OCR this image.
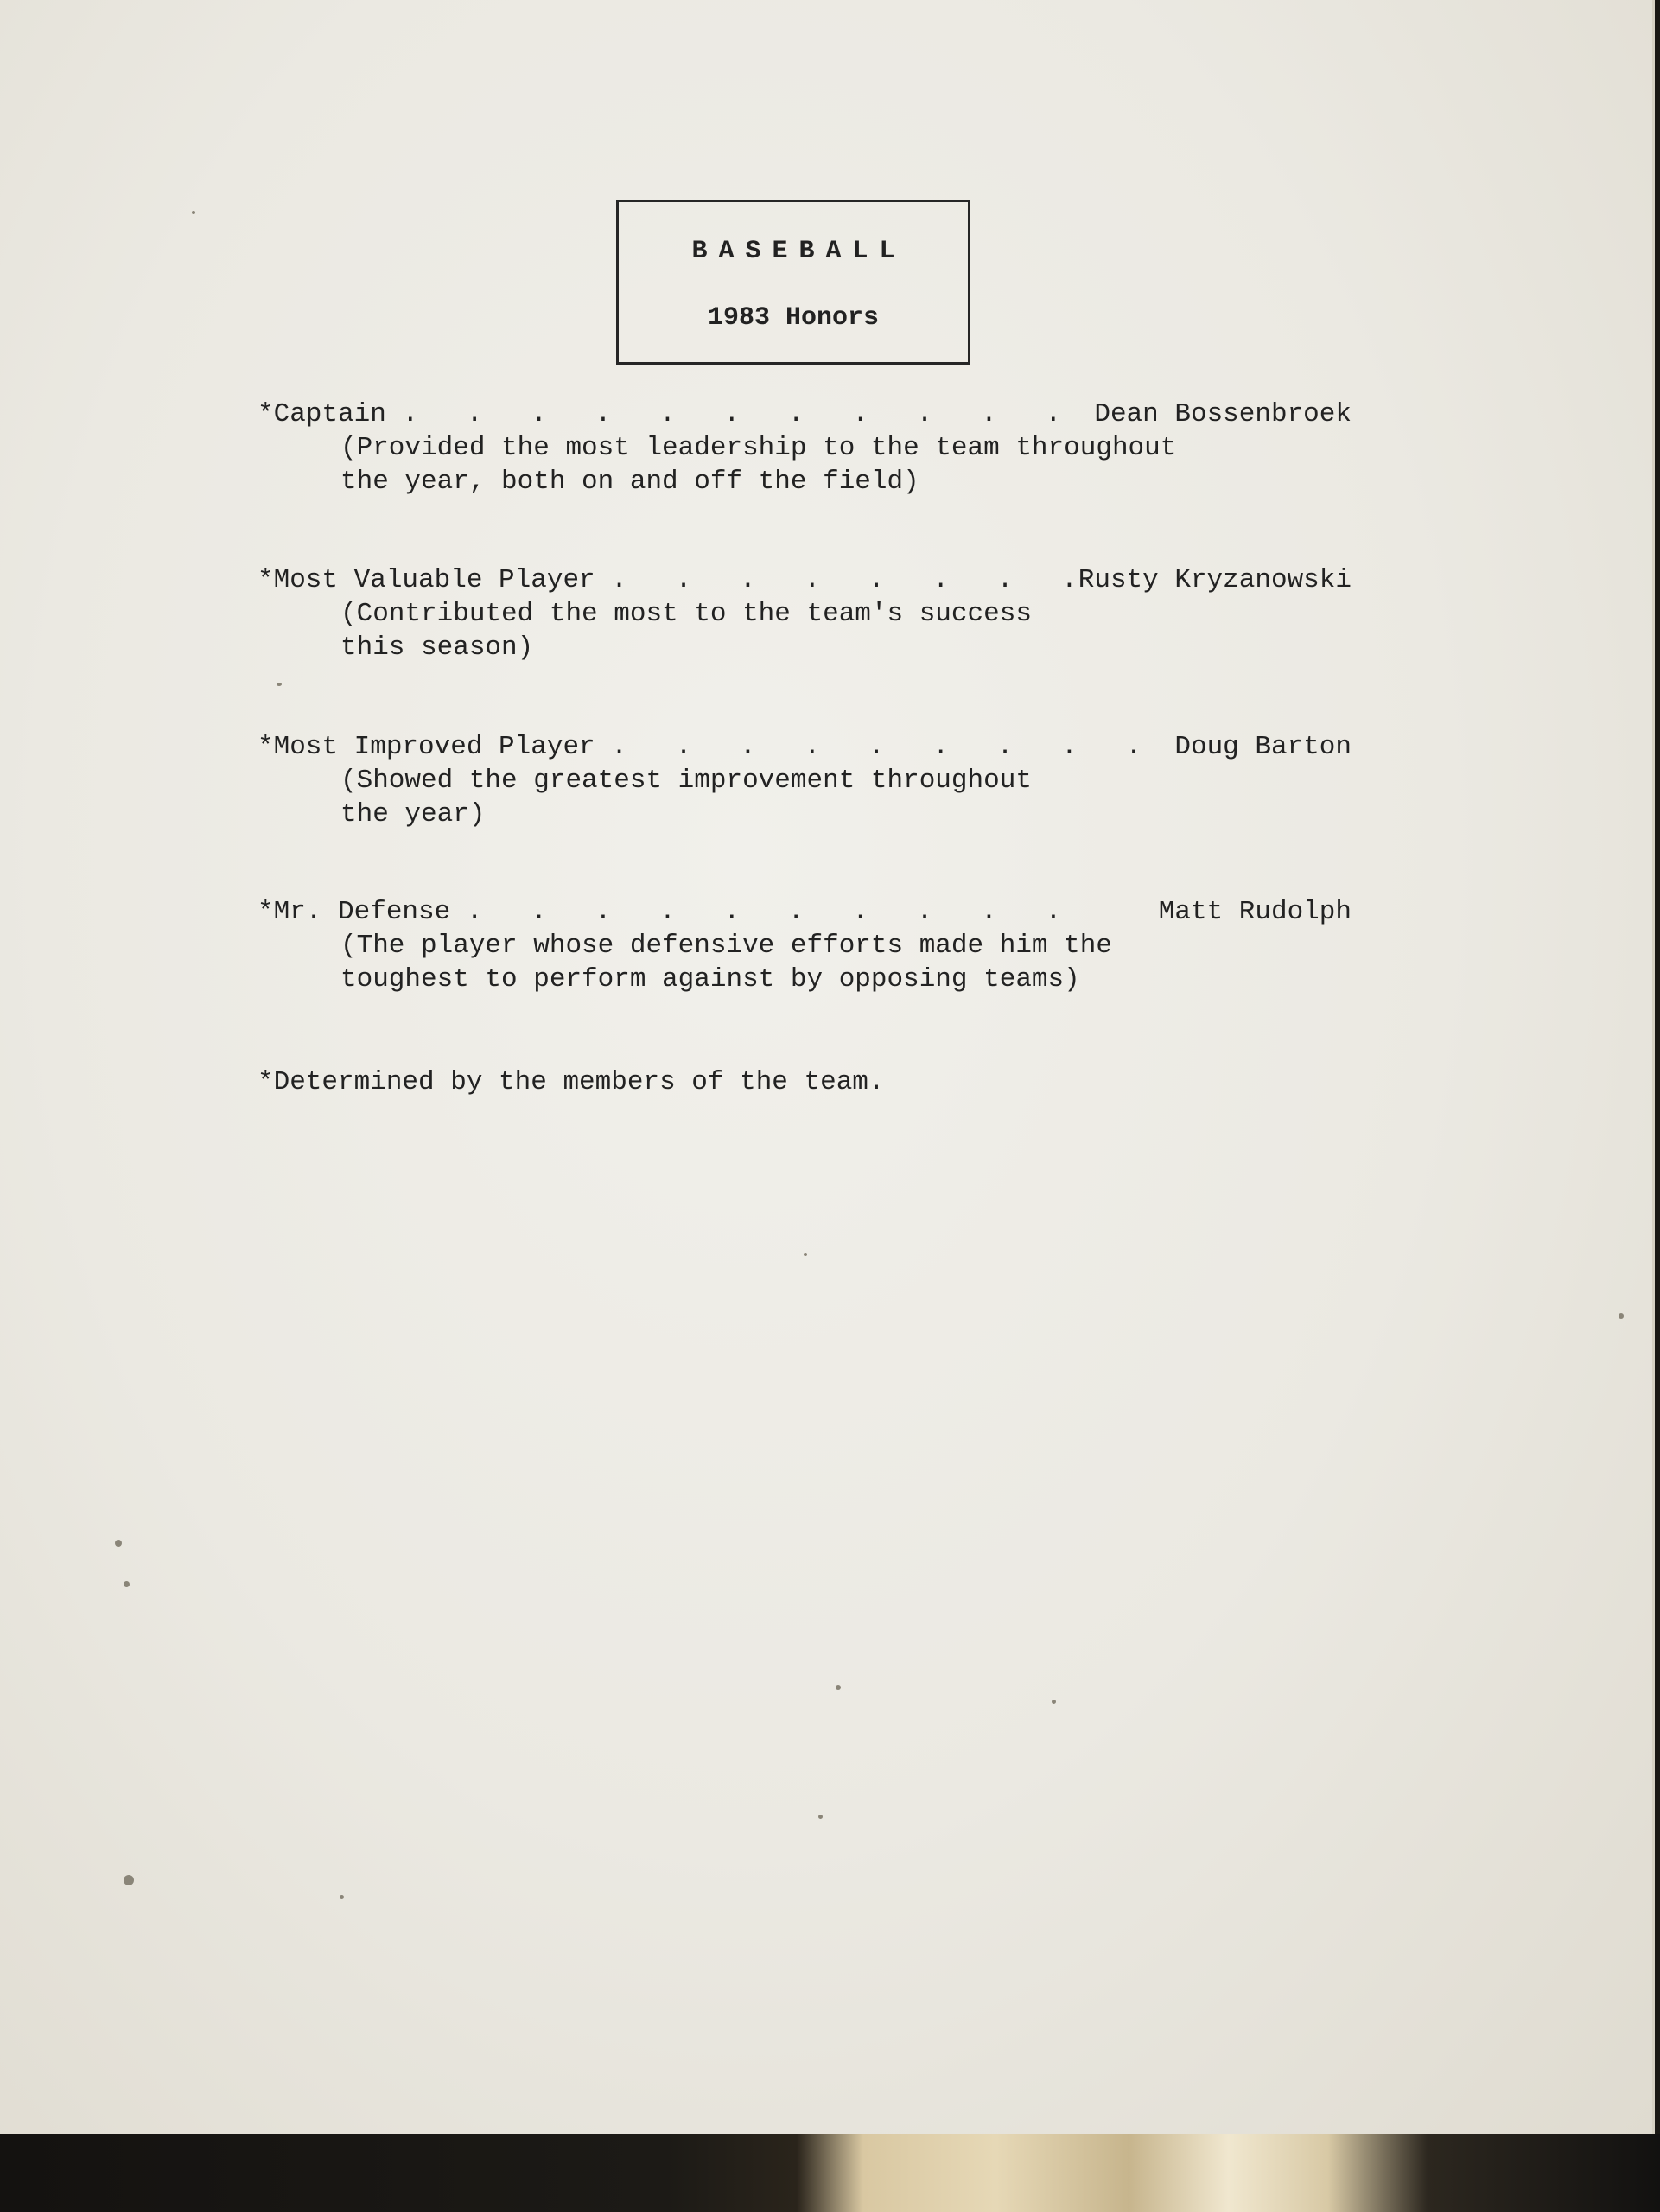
BASEBALL
1983 Honors

*Captain .   .   .   .   .   .   .   .   .   .   .

Dean Bossenbroek

(Provided the most leadership to the team throughout
the year, both on and off the field)

*Most Valuable Player .   .   .   .   .   .   .   .

Rusty Kryzanowski

(Contributed the most to the team's success
this season)

*Most Improved Player .   .   .   .   .   .   .   .   .

Doug Barton

(Showed the greatest improvement throughout
the year)

*Mr. Defense .   .   .   .   .   .   .   .   .   .

	Matt Rudolph

(The player whose defensive efforts made him the
toughest to perform against by opposing teams)
*Determined by the members of the team.
